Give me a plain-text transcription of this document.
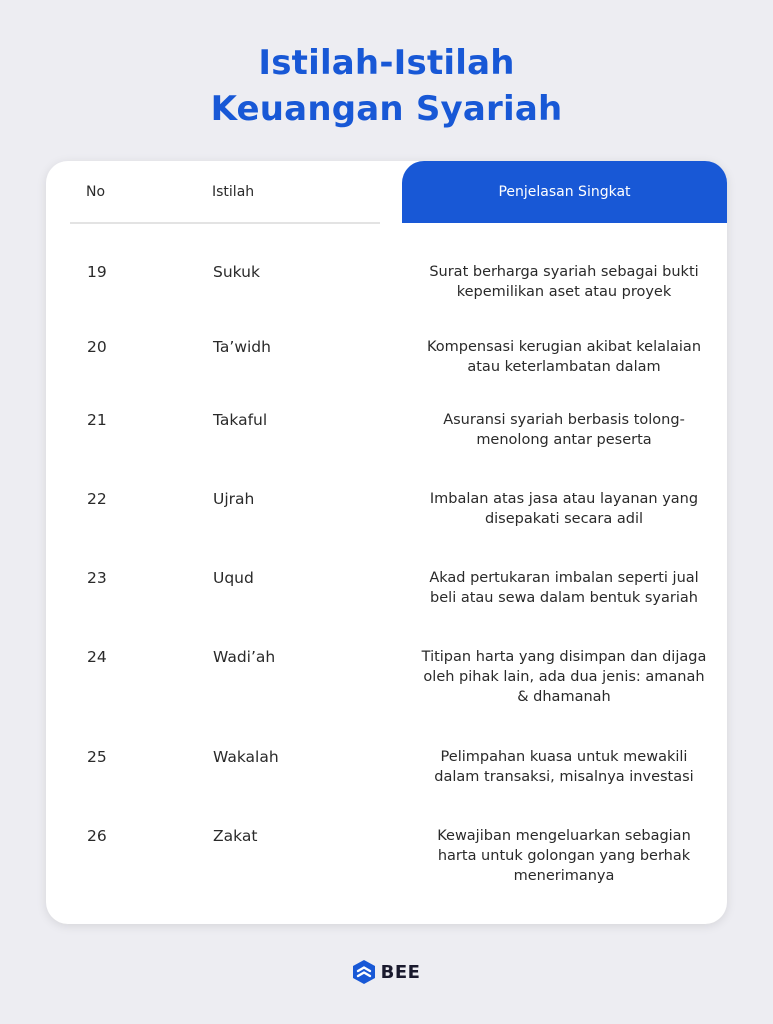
Istilah-Istilah
Keuangan Syariah
No	Istilah	Penjelasan Singkat
19	Sukuk	Surat berharga syariah sebagai bukti kepemilikan aset atau proyek
20	Ta’widh	Kompensasi kerugian akibat kelalaian atau keterlambatan dalam
21	Takaful	Asuransi syariah berbasis tolong-menolong antar peserta
22	Ujrah	Imbalan atas jasa atau layanan yang disepakati secara adil
23	Uqud	Akad pertukaran imbalan seperti jual beli atau sewa dalam bentuk syariah
24	Wadi’ah	Titipan harta yang disimpan dan dijaga oleh pihak lain, ada dua jenis: amanah & dhamanah
25	Wakalah	Pelimpahan kuasa untuk mewakili dalam transaksi, misalnya investasi
26	Zakat	Kewajiban mengeluarkan sebagian harta untuk golongan yang berhak menerimanya
BEE
